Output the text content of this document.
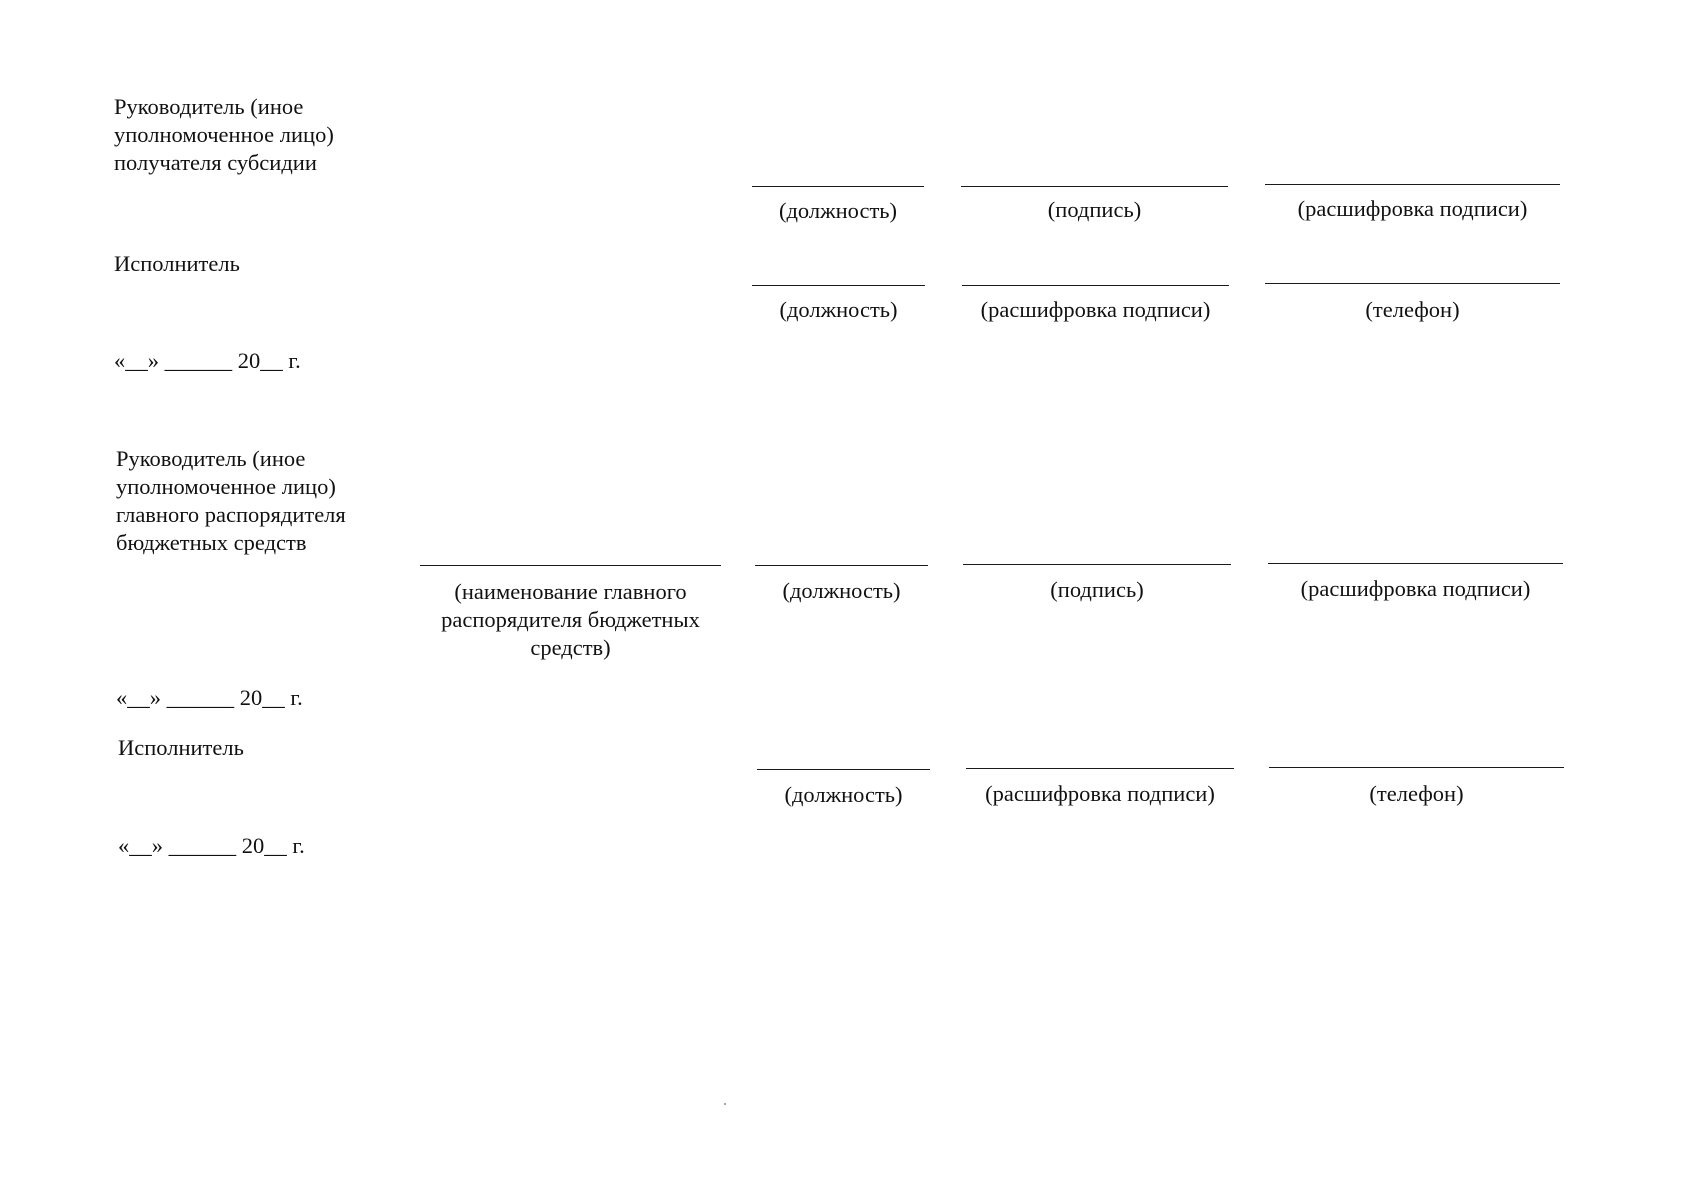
Руководитель (иное
уполномоченное лицо)
получателя субсидии
(должность)	(подпись)	(расшифровка подписи)
Исполнитель
(должность)	(расшифровка подписи)	(телефон)
«__» ______ 20__ г.
Руководитель (иное
уполномоченное лицо)
главного распорядителя
бюджетных средств
(наименование главного
распорядителя бюджетных
средств)
(должность)	(подпись)	(расшифровка подписи)
«__» ______ 20__ г.
Исполнитель
(должность)	(расшифровка подписи)	(телефон)
«__» ______ 20__ г.
